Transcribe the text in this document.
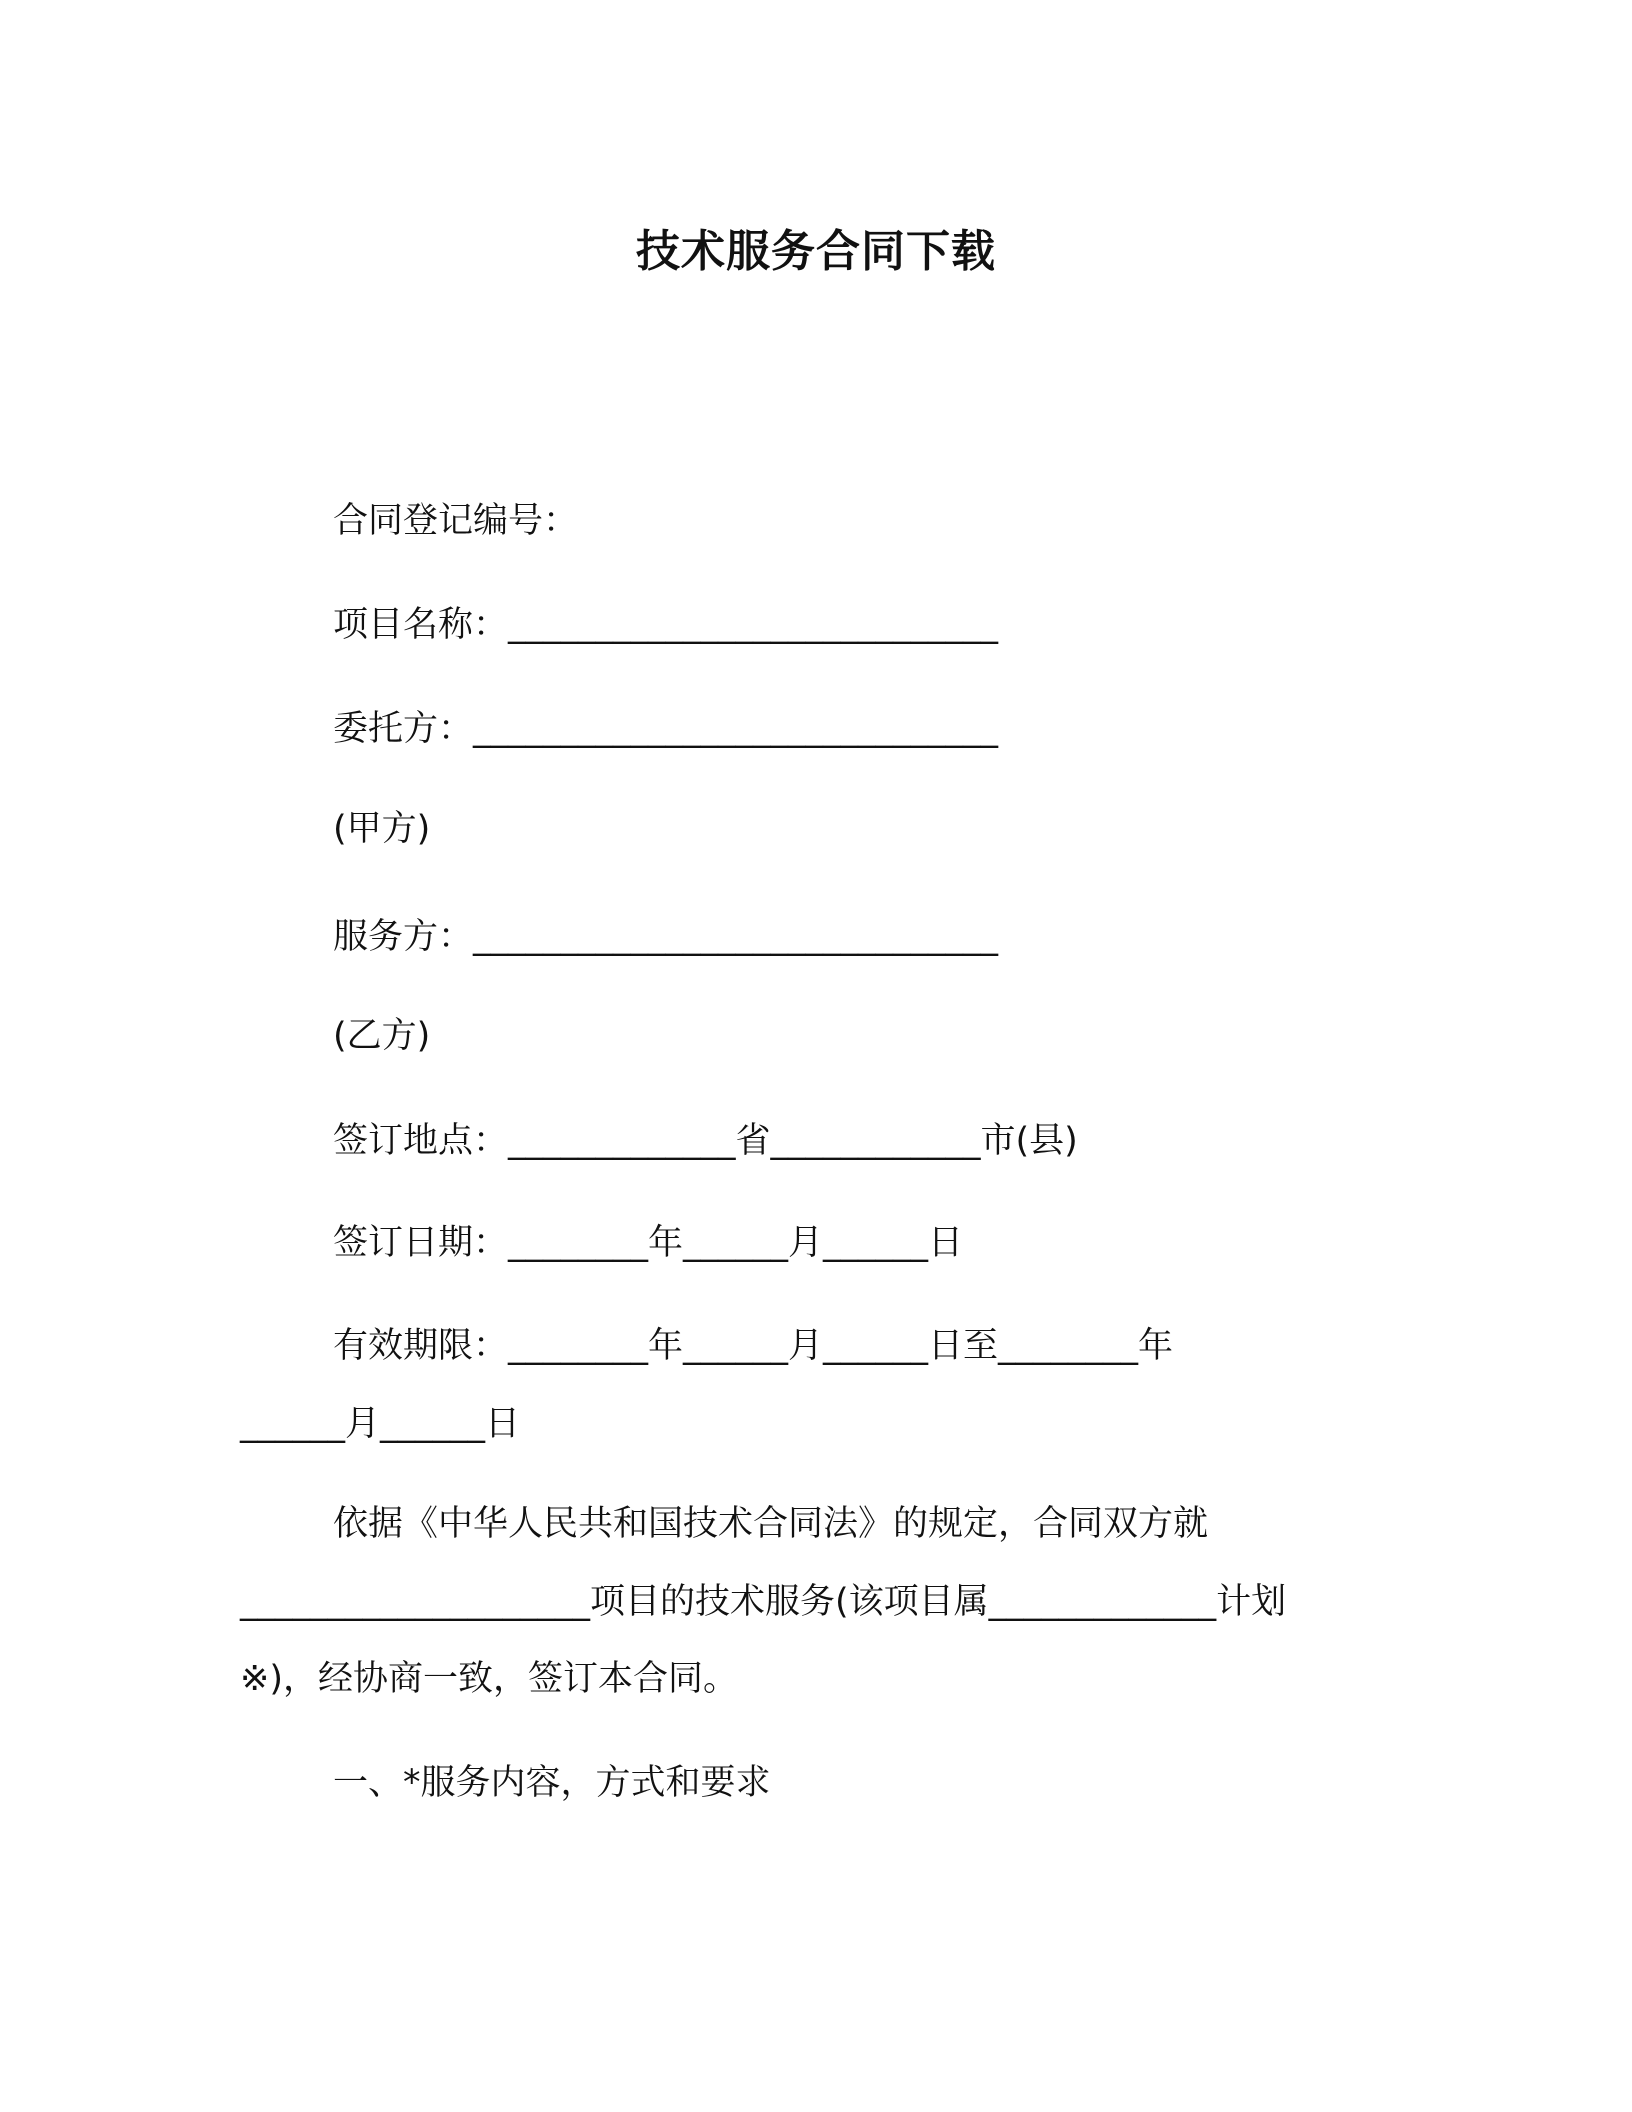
技术服务合同下载
合同登记编号：
项目名称：____________________________
委托方：______________________________
(甲方)
服务方：______________________________
(乙方)
签订地点：_____________省____________市(县)
签订日期：________年______月______日
有效期限：________年______月______日至________年
______月______日
依据《中华人民共和国技术合同法》的规定，合同双方就
____________________项目的技术服务(该项目属_____________计划
※)，经协商一致，签订本合同。
一、*服务内容，方式和要求
